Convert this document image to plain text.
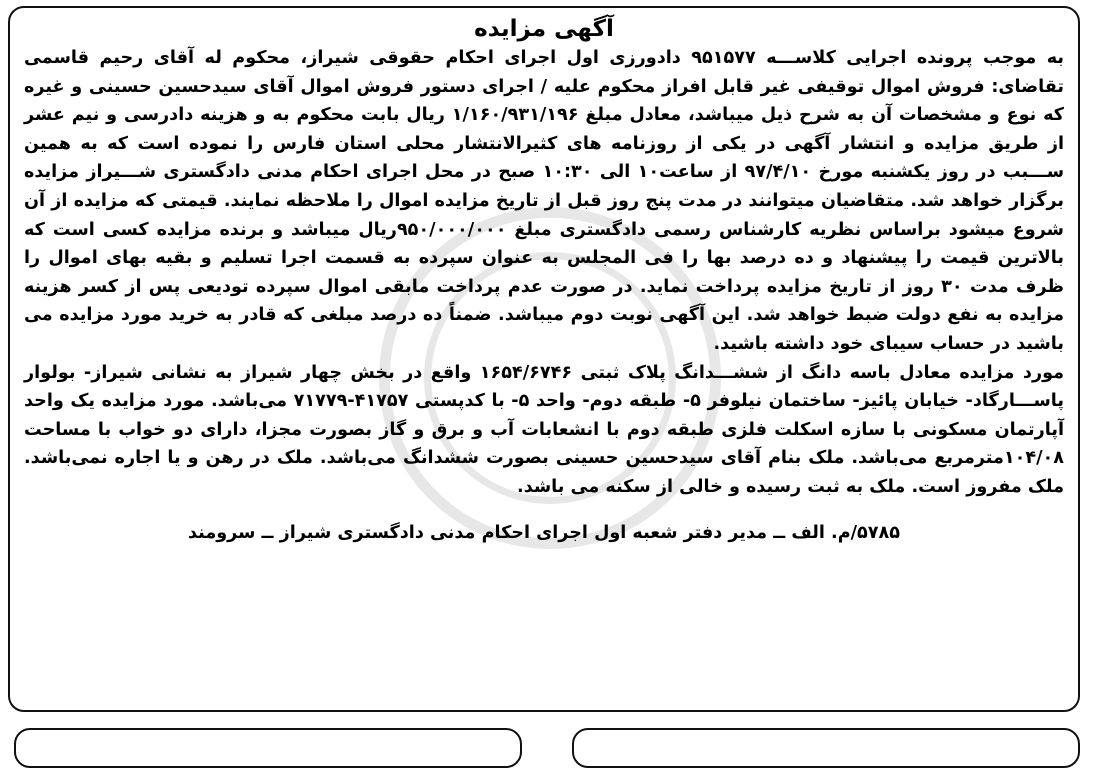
آگهی مزایده

به موجب پرونده اجرایی کلاســـه ۹۵۱۵۷۷ دادورزی اول اجرای احکام حقوقی شیراز، محکوم له آقای رحیم قاسمی تقاضای: فروش اموال توقیفی غیر قابل افراز محکوم علیه / اجرای دستور فروش اموال آقای سیدحسین حسینی و غیره که نوع و مشخصات آن به شرح ذیل میباشد، معادل مبلغ ۱/۱۶۰/۹۳۱/۱۹۶ ریال بابت محکوم به و هزینه دادرسی و نیم عشر از طریق مزایده و انتشار آگهی در یکی از روزنامه های کثیرالانتشار محلی استان فارس را نموده است که به همین ســـبب در روز یکشنبه مورخ ۹۷/۴/۱۰ از ساعت۱۰ الی ۱۰:۳۰ صبح در محل اجرای احکام مدنی دادگستری شـــیراز مزایده برگزار خواهد شد. متقاضیان میتوانند در مدت پنج روز قبل از تاریخ مزایده اموال را ملاحظه نمایند. قیمتی که مزایده از آن شروع میشود براساس نظریه کارشناس رسمی دادگستری مبلغ ۹۵۰/۰۰۰/۰۰۰ریال میباشد و برنده مزایده کسی است که بالاترین قیمت را پیشنهاد و ده درصد بها را فی المجلس به عنوان سپرده به قسمت اجرا تسلیم و بقیه بهای اموال را ظرف مدت ۳۰ روز از تاریخ مزایده پرداخت نماید. در صورت عدم پرداخت مابقی اموال سپرده تودیعی پس از کسر هزینه مزایده به نفع دولت ضبط خواهد شد. این آگهی نوبت دوم میباشد. ضمناً ده درصد مبلغی که قادر به خرید مورد مزایده می باشید در حساب سیبای خود داشته باشید.

مورد مزایده معادل باسه دانگ از ششـــدانگ پلاک ثبتی ۱۶۵۴/۶۷۴۶ واقع در بخش چهار شیراز به نشانی شیراز- بولوار پاســـارگاد- خیابان پائیز- ساختمان نیلوفر ۵- طبقه دوم- واحد ۵- با کدپستی ۴۱۷۵۷-۷۱۷۷۹ می‌باشد. مورد مزایده یک واحد آپارتمان مسکونی با سازه اسکلت فلزی طبقه دوم با انشعابات آب و برق و گاز بصورت مجزا، دارای دو خواب با مساحت ۱۰۴/۰۸مترمربع می‌باشد. ملک بنام آقای سیدحسین حسینی بصورت ششدانگ می‌باشد. ملک در رهن و یا اجاره نمی‌باشد. ملک مفروز است. ملک به ثبت رسیده و خالی از سکنه می باشد.

۵۷۸۵/م. الف ــ مدیر دفتر شعبه اول اجرای احکام مدنی دادگستری شیراز ــ سرومند
